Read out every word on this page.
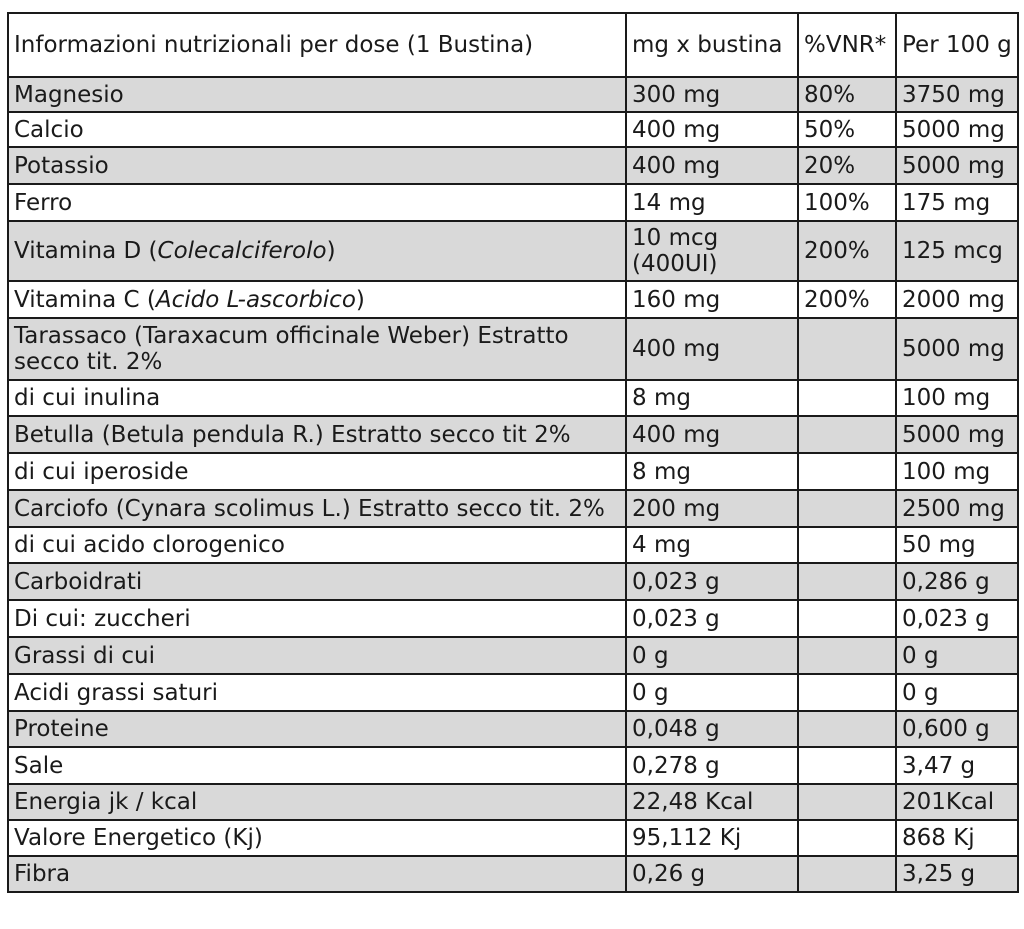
Informazioni nutrizionali per dose (1 Bustina)	mg x bustina	%VNR*	Per 100 g
Magnesio	300 mg	80%	3750 mg
Calcio	400 mg	50%	5000 mg
Potassio	400 mg	20%	5000 mg
Ferro	14 mg	100%	175 mg
Vitamina D (Colecalciferolo)	10 mcg (400UI)	200%	125 mcg
Vitamina C (Acido L-ascorbico)	160 mg	200%	2000 mg
Tarassaco (Taraxacum officinale Weber) Estratto secco tit. 2%	400 mg		5000 mg
di cui inulina	8 mg		100 mg
Betulla (Betula pendula R.) Estratto secco tit 2%	400 mg		5000 mg
di cui iperoside	8 mg		100 mg
Carciofo (Cynara scolimus L.) Estratto secco tit. 2%	200 mg		2500 mg
di cui acido clorogenico	4 mg		50 mg
Carboidrati	0,023 g		0,286 g
Di cui: zuccheri	0,023 g		0,023 g
Grassi di cui	0 g		0 g
Acidi grassi saturi	0 g		0 g
Proteine	0,048 g		0,600 g
Sale	0,278 g		3,47 g
Energia jk / kcal	22,48 Kcal		201Kcal
Valore Energetico (Kj)	95,112 Kj		868 Kj
Fibra	0,26 g		3,25 g
